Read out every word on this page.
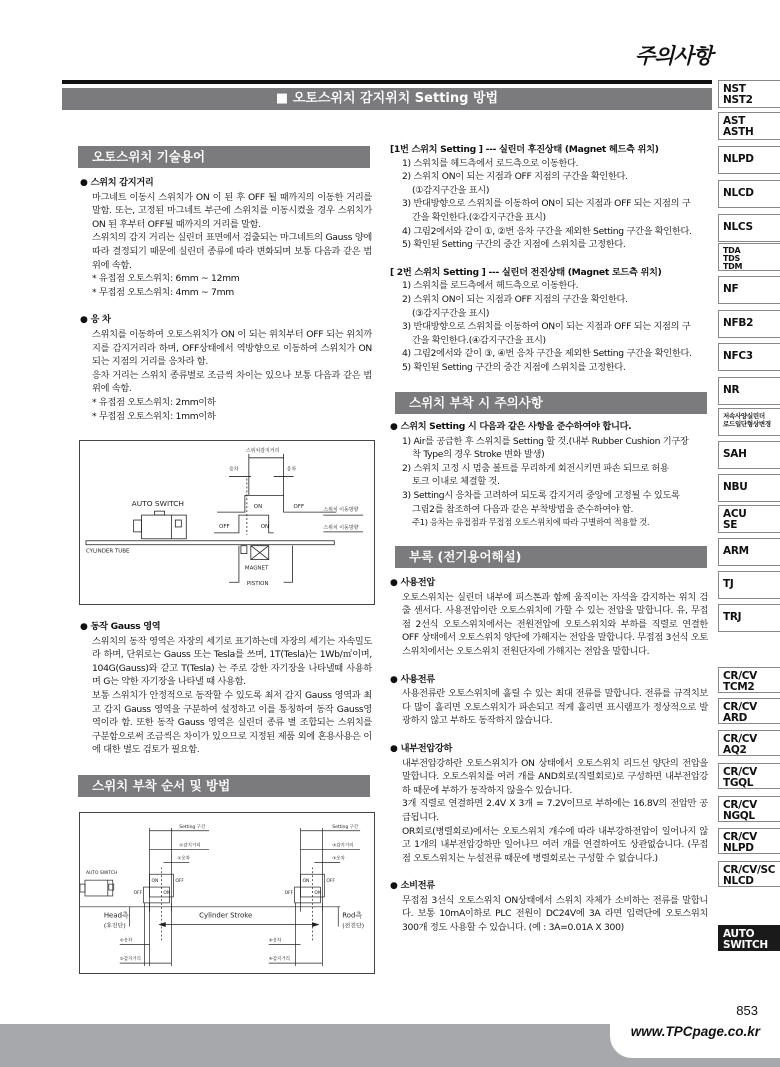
주의사항
■ 오토스위치 감지위치 Setting 방법
오토스위치 기술용어
● 스위치 감지거리
마그네트 이동시 스위치가 ON 이 된 후 OFF 될 때까지의 이동한 거리를 말함. 또는, 고정된 마그네트 부근에 스위치를 이동시켰을 경우 스위치가 ON 된 후부터 OFF될 때까지의 거리를 말함.
스위치의 감지 거리는 실린더 표면에서 검출되는 마그네트의 Gauss 양에 따라 결정되기 때문에 실린더 종류에 따라 변화되며 보통 다음과 같은 범위에 속함.
* 유접점 오토스위치: 6mm ~ 12mm
* 무접점 오토스위치: 4mm ~ 7mm
● 응 차
스위치를 이동하여 오토스위치가 ON 이 되는 위치부터 OFF 되는 위치까지를 감지거리라 하며, OFF상태에서 역방향으로 이동하여 스위치가 ON되는 지점의 거리를 응차라 함.
응차 거리는 스위치 종류별로 조금씩 차이는 있으나 보통 다음과 같은 범위에 속함.
* 유접점 오토스위치: 2mm이하
* 무접점 오토스위치: 1mm이하
스위치감지거리
응차	응차
AUTO SWITCH	ON	OFF
OFF	ON
스위치 이동방향
스위치 이동방향
CYLINDER TUBE
MAGNET
PISTION
● 동작 Gauss 영역
스위치의 동작 영역은 자장의 세기로 표기하는데 자장의 세기는 자속밀도라 하며, 단위로는 Gauss 또는 Tesla를 쓰며, 1T(Tesla)는 1Wb/㎡이며, 104G(Gauss)와 같고 T(Tesla) 는 주로 강한 자기장을 나타낼때 사용하며 G는 약한 자기장을 나타낼 때 사용함.
보통 스위치가 안정적으로 동작할 수 있도록 최저 감지 Gauss 영역과 최고 감지 Gauss 영역을 구분하여 설정하고 이를 통칭하여 동작 Gauss영역이라 함. 또한 동작 Gauss 영역은 실린더 종류 별 조합되는 스위치를 구분함으로써 조금씩은 차이가 있으므로 지정된 제품 외에 혼용사용은 이에 대한 별도 검토가 필요함.
스위치 부착 순서 및 방법
Setting 구간
①감지거리
①응차
AUTO SWITCH
ON	OFF
OFF	ON
Head측
(후진단)
Cylinder Stroke	Rod측
(전진단)
②응차
②감지거리
Setting 구간
③감지거리
③응차
ON	OFF
OFF	ON
④응차
④감지거리
[1번 스위치 Setting ] --- 실린더 후진상태 (Magnet 헤드측 위치)
1) 스위치를 헤드측에서 로드측으로 이동한다.
2) 스위치 ON이 되는 지점과 OFF 지점의 구간을 확인한다.
(①감지구간을 표시)
3) 반대방향으로 스위치를 이동하여 ON이 되는 지점과 OFF 되는 지점의 구
간을 확인한다.(②감지구간을 표시)
4) 그림2에서와 같이 ①, ②번 응차 구간을 제외한 Setting 구간을 확인한다.
5) 확인된 Setting 구간의 중간 지점에 스위치를 고정한다.
[ 2번 스위치 Setting ] --- 실린더 전진상태 (Magnet 로드측 위치)
1) 스위치를 로드측에서 헤드측으로 이동한다.
2) 스위치 ON이 되는 지점과 OFF 지점의 구간을 확인한다.
(③감지구간을 표시)
3) 반대방향으로 스위치를 이동하여 ON이 되는 지점과 OFF 되는 지점의 구
간을 확인한다.(④감지구간을 표시)
4) 그림2에서와 같이 ③, ④번 응차 구간을 제외한 Setting 구간을 확인한다.
5) 확인된 Setting 구간의 중간 지점에 스위치를 고정한다.
스위치 부착 시 주의사항
● 스위치 Setting 시 다음과 같은 사항을 준수하여야 합니다.
1) Air를 공급한 후 스위치를 Setting 할 것.(내부 Rubber Cushion 기구장
착 Type의 경우 Stroke 변화 발생)
2) 스위치 고정 시 멈춤 볼트를 무리하게 회전시키면 파손 되므로 허용
토크 이내로 체결할 것.
3) Setting시 응차를 고려하여 되도록 감지거리 중앙에 고정될 수 있도록
그림2를 참조하여 다음과 같은 부착방법을 준수하여야 함.
주1) 응차는 유접점과 무접점 오토스위치에 따라 구별하여 적용할 것.
부록 (전기용어해설)
● 사용전압
오토스위치는 실린더 내부에 피스톤과 함께 움직이는 자석을 감지하는 위치 검출 센서다. 사용전압이란 오토스위치에 가할 수 있는 전압을 말합니다. 유, 무접점 2선식 오토스위치에서는 전원전압에 오토스위치와 부하를 직렬로 연결한 OFF 상태에서 오토스위치 양단에 가해지는 전압을 말합니다. 무접점 3선식 오토스위치에서는 오토스위치 전원단자에 가해지는 전압을 말합니다.
● 사용전류
사용전류란 오토스위치에 흘릴 수 있는 최대 전류를 말합니다. 전류를 규격치보다 많이 흘리면 오토스위치가 파손되고 적게 흘리면 표시램프가 정상적으로 발광하지 않고 부하도 동작하지 않습니다.
● 내부전압강하
내부전압강하란 오토스위치가 ON 상태에서 오토스위치 리드선 양단의 전압을 말합니다. 오토스위치를 여러 개를 AND회로(직렬회로)로 구성하면 내부전압강하 때문에 부하가 동작하지 않을수 있습니다.
3개 직렬로 연결하면 2.4V X 3개 = 7.2V이므로 부하에는 16.8V의 전압만 공급됩니다.
OR회로(병렬회로)에서는 오토스위치 개수에 따라 내부강하전압이 일어나지 않고 1개의 내부전압강하만 일어나므 여러 개를 연결하여도 상관없습니다. (무접점 오토스위치는 누설전류 때문에 병렬회로는 구성할 수 없습니다.)
● 소비전류
무접점 3선식 오토스위치 ON상태에서 스위치 자체가 소비하는 전류를 말합니다. 보통 10mA이하로 PLC 전원이 DC24V에 3A 라면 입력단에 오토스위치 300개 정도 사용할 수 있습니다. (예 : 3A=0.01A X 300)
NST
NST2
AST
ASTH
NLPD
NLCD
NLCS
TDA
TDS
TDM
NF
NFB2
NFC3
NR
저속사양실린더
로드일단형상변경
SAH
NBU
ACU
SE
ARM
TJ
TRJ
CR/CV
TCM2
CR/CV
ARD
CR/CV
AQ2
CR/CV
TGQL
CR/CV
NGQL
CR/CV
NLPD
CR/CV/SC
NLCD
AUTO
SWITCH
853
www.TPCpage.co.kr
